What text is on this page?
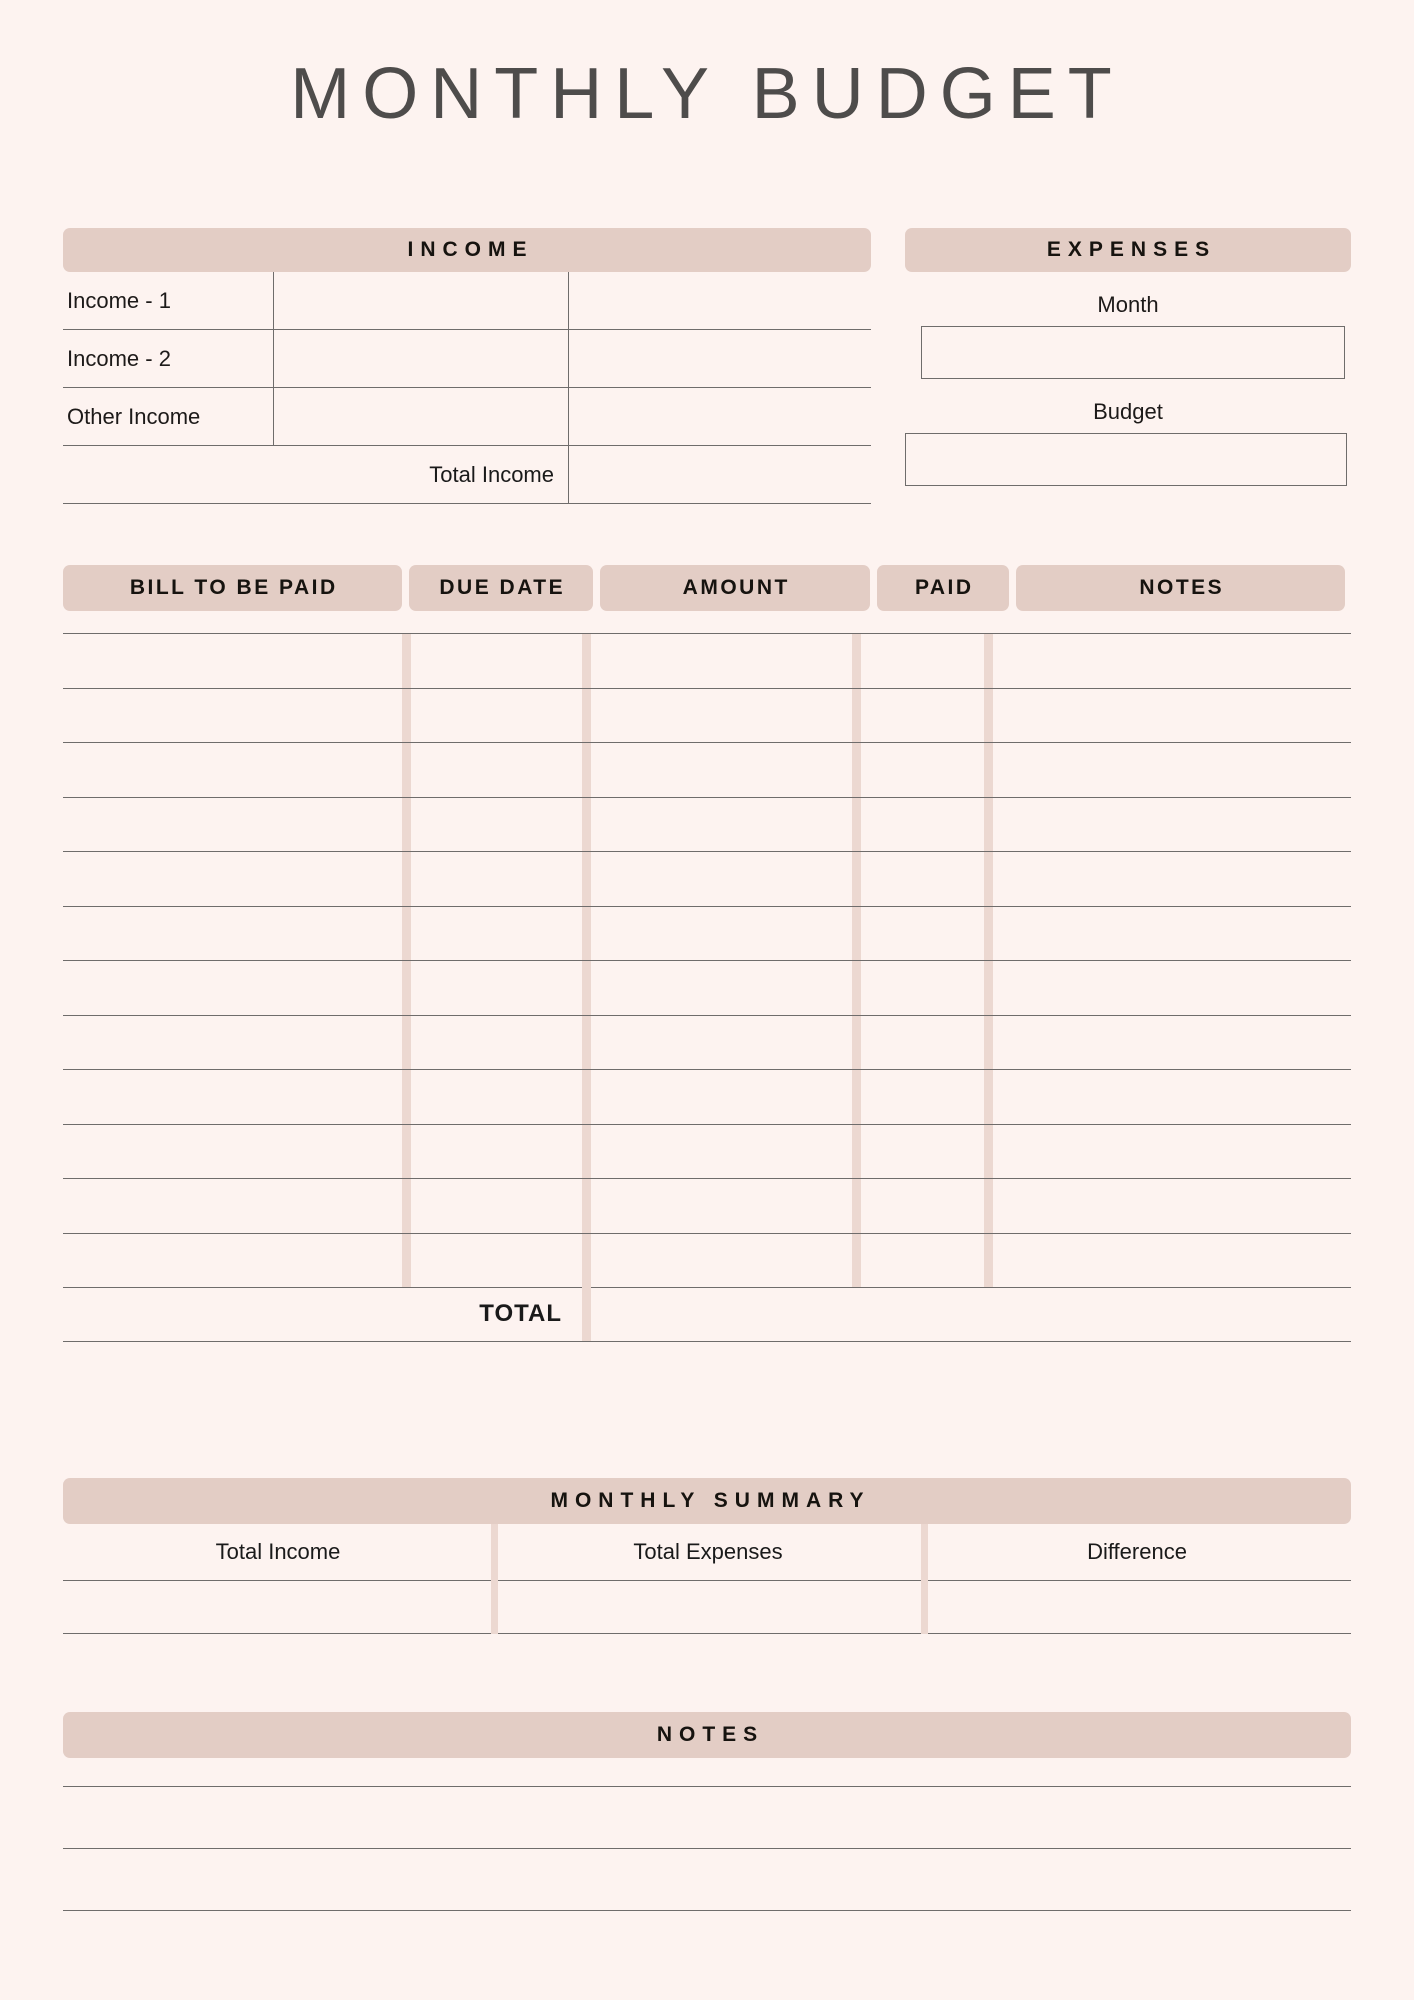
MONTHLY BUDGET
INCOME
Income - 1
Income - 2
Other Income
Total Income
EXPENSES
Month
Budget
BILL TO BE PAID	DUE DATE	AMOUNT	PAID	NOTES
TOTAL
MONTHLY SUMMARY
Total Income	Total Expenses	Difference
NOTES
